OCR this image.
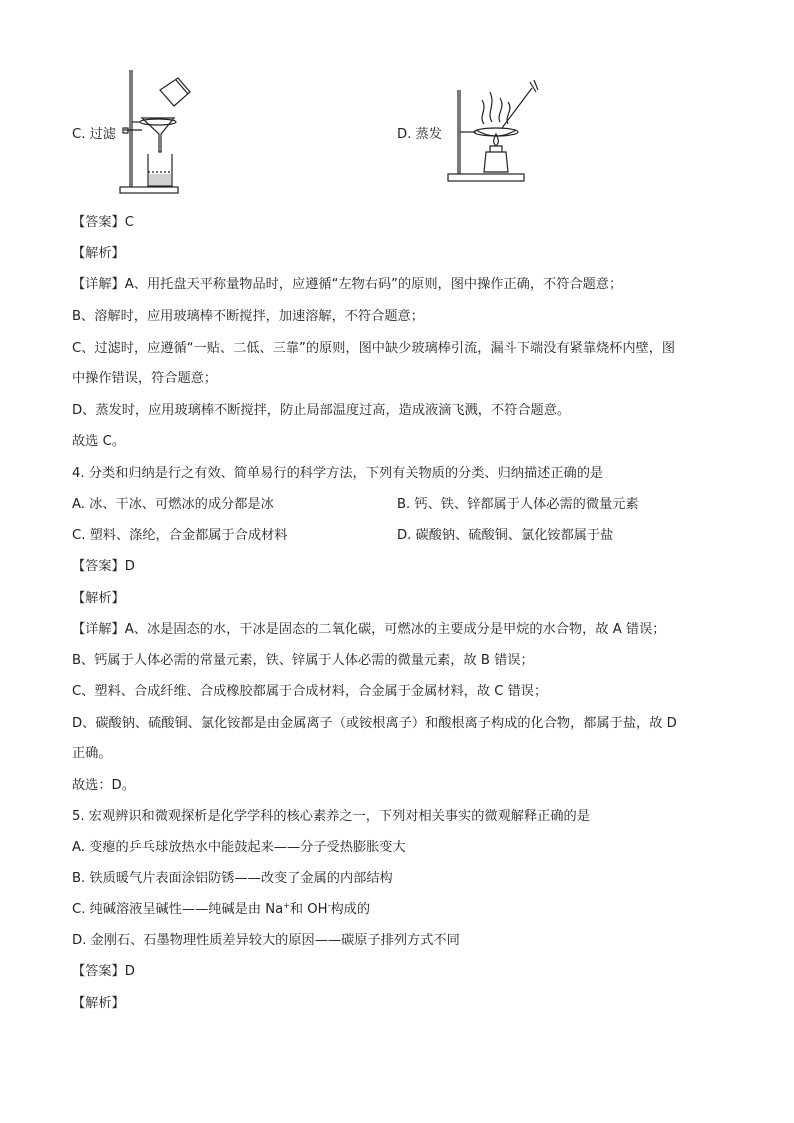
C. 过滤	D. 蒸发
【答案】C
【解析】
【详解】A、用托盘天平称量物品时，应遵循“左物右码”的原则，图中操作正确，不符合题意；
B、溶解时，应用玻璃棒不断搅拌，加速溶解，不符合题意；
C、过滤时，应遵循“一贴、二低、三靠”的原则，图中缺少玻璃棒引流，漏斗下端没有紧靠烧杯内壁，图
中操作错误，符合题意；
D、蒸发时，应用玻璃棒不断搅拌，防止局部温度过高，造成液滴飞溅，不符合题意。
故选 C。
4. 分类和归纳是行之有效、简单易行的科学方法，下列有关物质的分类、归纳描述正确的是
A. 冰、干冰、可燃冰的成分都是冰	B. 钙、铁、锌都属于人体必需的微量元素
C. 塑料、涤纶，合金都属于合成材料	D. 碳酸钠、硫酸铜、氯化铵都属于盐
【答案】D
【解析】
【详解】A、冰是固态的水，干冰是固态的二氧化碳，可燃冰的主要成分是甲烷的水合物，故 A 错误；
B、钙属于人体必需的常量元素，铁、锌属于人体必需的微量元素，故 B 错误；
C、塑料、合成纤维、合成橡胶都属于合成材料，合金属于金属材料，故 C 错误；
D、碳酸钠、硫酸铜、氯化铵都是由金属离子（或铵根离子）和酸根离子构成的化合物，都属于盐，故 D
正确。
故选：D。
5. 宏观辨识和微观探析是化学学科的核心素养之一，下列对相关事实的微观解释正确的是
A. 变瘪的乒乓球放热水中能鼓起来——分子受热膨胀变大
B. 铁质暖气片表面涂铝防锈——改变了金属的内部结构
C. 纯碱溶液呈碱性——纯碱是由 Na+和 OH-构成的
D. 金刚石、石墨物理性质差异较大的原因——碳原子排列方式不同
【答案】D
【解析】
